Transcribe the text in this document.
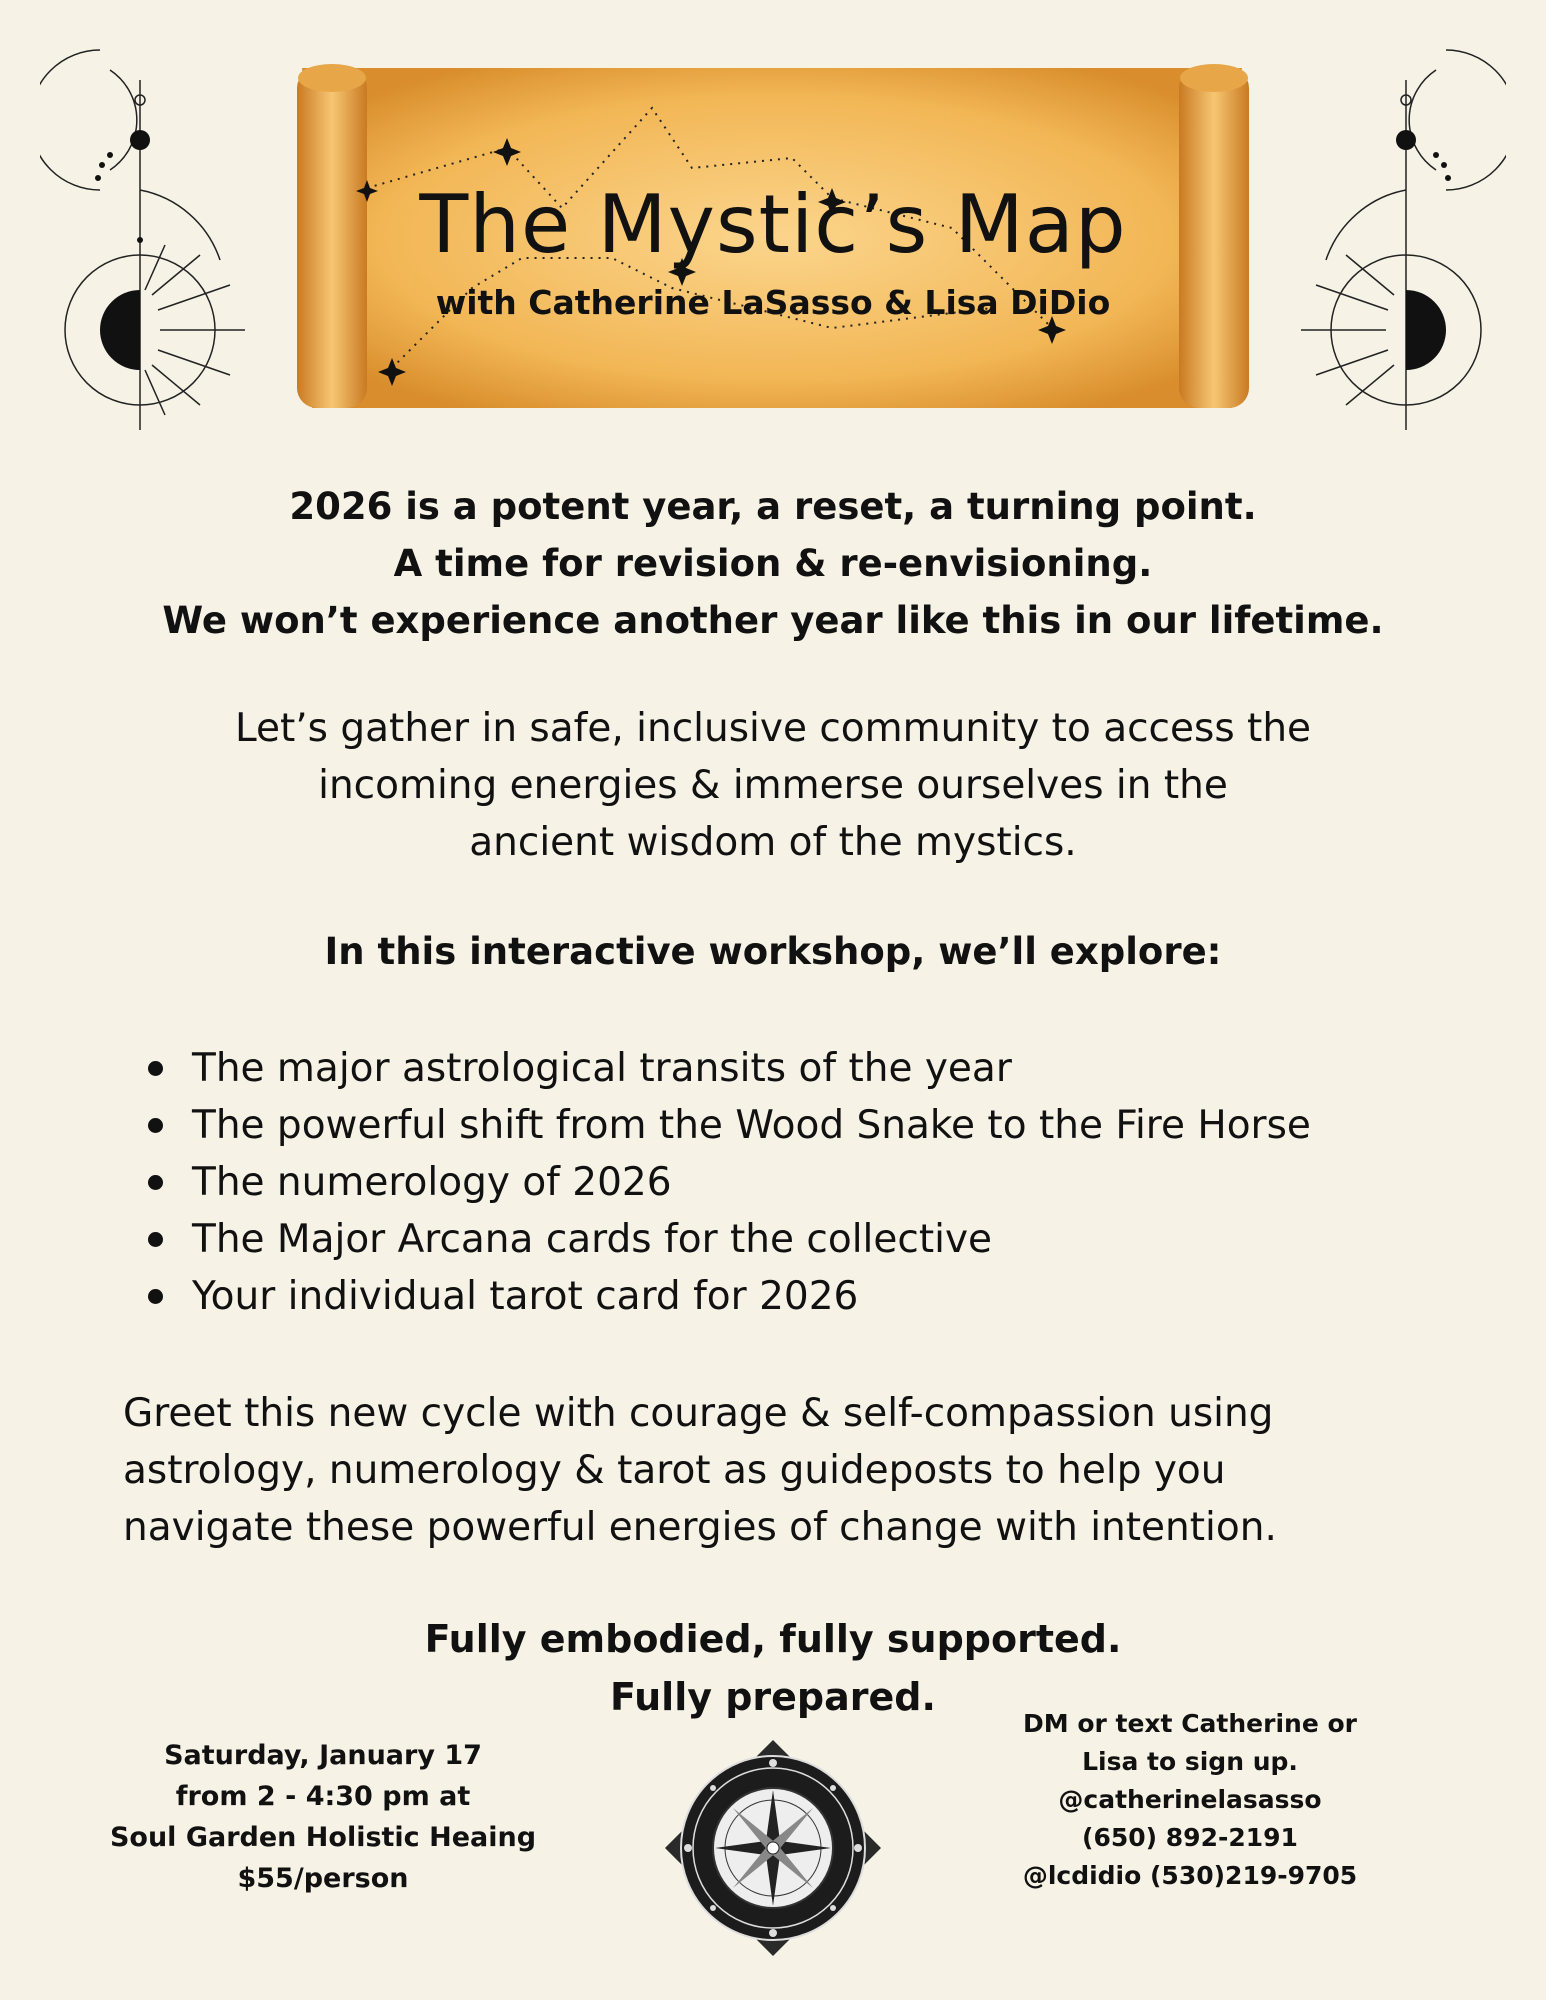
The Mystic’s Map
with Catherine LaSasso & Lisa DiDio
2026 is a potent year, a reset, a turning point.
A time for revision & re-envisioning.
We won’t experience another year like this in our lifetime.
Let’s gather in safe, inclusive community to access the
incoming energies & immerse ourselves in the
ancient wisdom of the mystics.
In this interactive workshop, we’ll explore:
The major astrological transits of the year
The powerful shift from the Wood Snake to the Fire Horse
The numerology of 2026
The Major Arcana cards for the collective
Your individual tarot card for 2026
Greet this new cycle with courage & self-compassion using
astrology, numerology & tarot as guideposts to help you
navigate these powerful energies of change with intention.
Fully embodied, fully supported.
Fully prepared.
Saturday, January 17
from 2 - 4:30 pm at
Soul Garden Holistic Heaing
$55/person
DM or text Catherine or
Lisa to sign up.
@catherinelasasso
(650) 892-2191
@lcdidio (530)219-9705
